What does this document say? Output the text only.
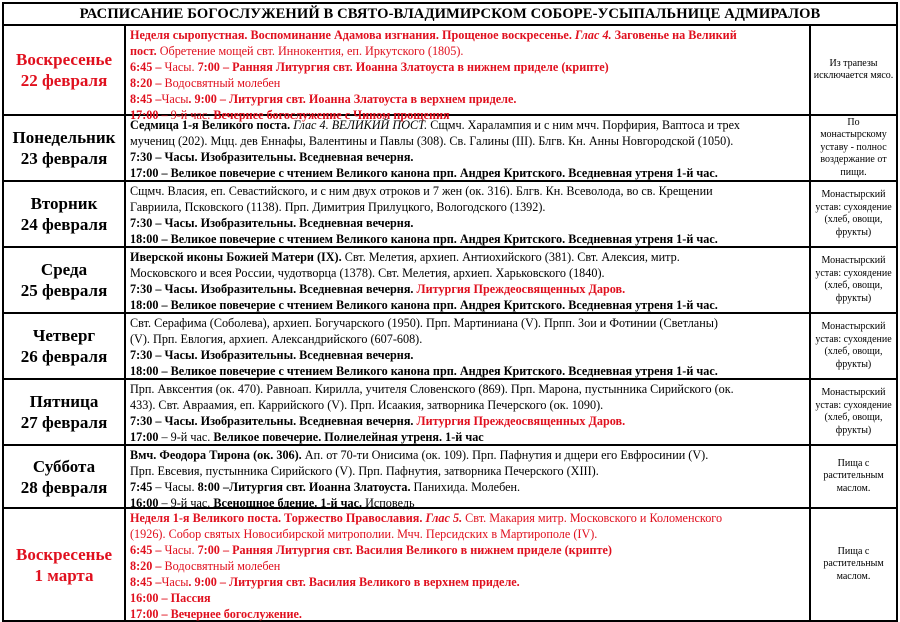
РАСПИСАНИЕ БОГОСЛУЖЕНИЙ В СВЯТО-ВЛАДИМИРСКОМ СОБОРЕ-УСЫПАЛЬНИЦЕ АДМИРАЛОВ
Воскресенье
22 февраля
Неделя сыропустная. Воспоминание Адамова изгнания. Прощеное воскресенье. Глас 4. Заговенье на Великий
пост. Обретение мощей свт. Иннокентия, еп. Иркутского (1805).
6:45 – Часы. 7:00 – Ранняя Литургия свт. Иоанна Златоуста в нижнем приделе (крипте)
8:20 – Водосвятный молебен
8:45 –Часы. 9:00 – Литургия свт. Иоанна Златоуста в верхнем приделе.
17:00 – 9-й час. Вечернее богослужение с Чином прощения
Из трапезы исключается мясо.
Понедельник
23 февраля
Седмица 1-я Великого поста. Глас 4. ВЕЛИКИЙ ПОСТ. Сщмч. Харалампия и с ним мчч. Порфирия, Ваптоса и трех
мучениц (202). Мцц. дев Еннафы, Валентины и Павлы (308). Св. Галины (III). Блгв. Кн. Анны Новгородской (1050).
7:30 – Часы. Изобразительны. Вседневная вечерня.
17:00 – Великое повечерие с чтением Великого канона прп. Андрея Критского. Вседневная утреня 1-й час.
По монастырскому уставу - полнос воздержание от пищи.
Вторник
24 февраля
Сщмч. Власия, еп. Севастийского, и с ним двух отроков и 7 жен (ок. 316). Блгв. Кн. Всеволода, во св. Крещении
Гавриила, Псковского (1138). Прп. Димитрия Прилуцкого, Вологодского (1392).
7:30 – Часы. Изобразительны. Вседневная вечерня.
18:00 – Великое повечерие с чтением Великого канона прп. Андрея Критского. Вседневная утреня 1-й час.
Монастырский устав: сухоядение (хлеб, овощи, фрукты)
Среда
25 февраля
Иверской иконы Божией Матери (IX). Свт. Мелетия, архиеп. Антиохийского (381). Свт. Алексия, митр.
Московского и всея России, чудотворца (1378). Свт. Мелетия, архиеп. Харьковского (1840).
7:30 – Часы. Изобразительны. Вседневная вечерня. Литургия Преждеосвященных Даров.
18:00 – Великое повечерие с чтением Великого канона прп. Андрея Критского. Вседневная утреня 1-й час.
Монастырский устав: сухоядение (хлеб, овощи, фрукты)
Четверг
26 февраля
Свт. Серафима (Соболева), архиеп. Богучарского (1950). Прп. Мартиниана (V). Прпп. Зои и Фотинии (Светланы)
(V). Прп. Евлогия, архиеп. Александрийского (607-608).
7:30 – Часы. Изобразительны. Вседневная вечерня.
18:00 – Великое повечерие с чтением Великого канона прп. Андрея Критского. Вседневная утреня 1-й час.
Монастырский устав: сухоядение (хлеб, овощи, фрукты)
Пятница
27 февраля
Прп. Авксентия (ок. 470). Равноап. Кирилла, учителя Словенского (869). Прп. Марона, пустынника Сирийского (ок.
433). Свт. Авраамия, еп. Каррийского (V). Прп. Исаакия, затворника Печерского (ок. 1090).
7:30 – Часы. Изобразительны. Вседневная вечерня. Литургия Преждеосвященных Даров.
17:00 – 9-й час. Великое повечерие. Полиелейная утреня. 1-й час
Монастырский устав: сухоядение (хлеб, овощи, фрукты)
Суббота
28 февраля
Вмч. Феодора Тирона (ок. 306). Ап. от 70-ти Онисима (ок. 109). Прп. Пафнутия и дщери его Евфросинии (V).
Прп. Евсевия, пустынника Сирийского (V). Прп. Пафнутия, затворника Печерского (XIII).
7:45 – Часы. 8:00 –Литургия свт. Иоанна Златоуста. Панихида. Молебен.
16:00 – 9-й час. Всенощное бдение. 1-й час. Исповедь
Пища с растительным маслом.
Воскресенье
1 марта
Неделя 1-я Великого поста. Торжество Православия. Глас 5. Свт. Макария митр. Московского и Коломенского
(1926). Собор святых Новосибирской митрополии. Мчч. Персидских в Мартирополе (IV).
6:45 – Часы. 7:00 – Ранняя Литургия свт. Василия Великого в нижнем приделе (крипте)
8:20 – Водосвятный молебен
8:45 –Часы. 9:00 – Литургия свт. Василия Великого в верхнем приделе.
16:00 – Пассия
17:00 – Вечернее богослужение.
Пища с растительным маслом.
